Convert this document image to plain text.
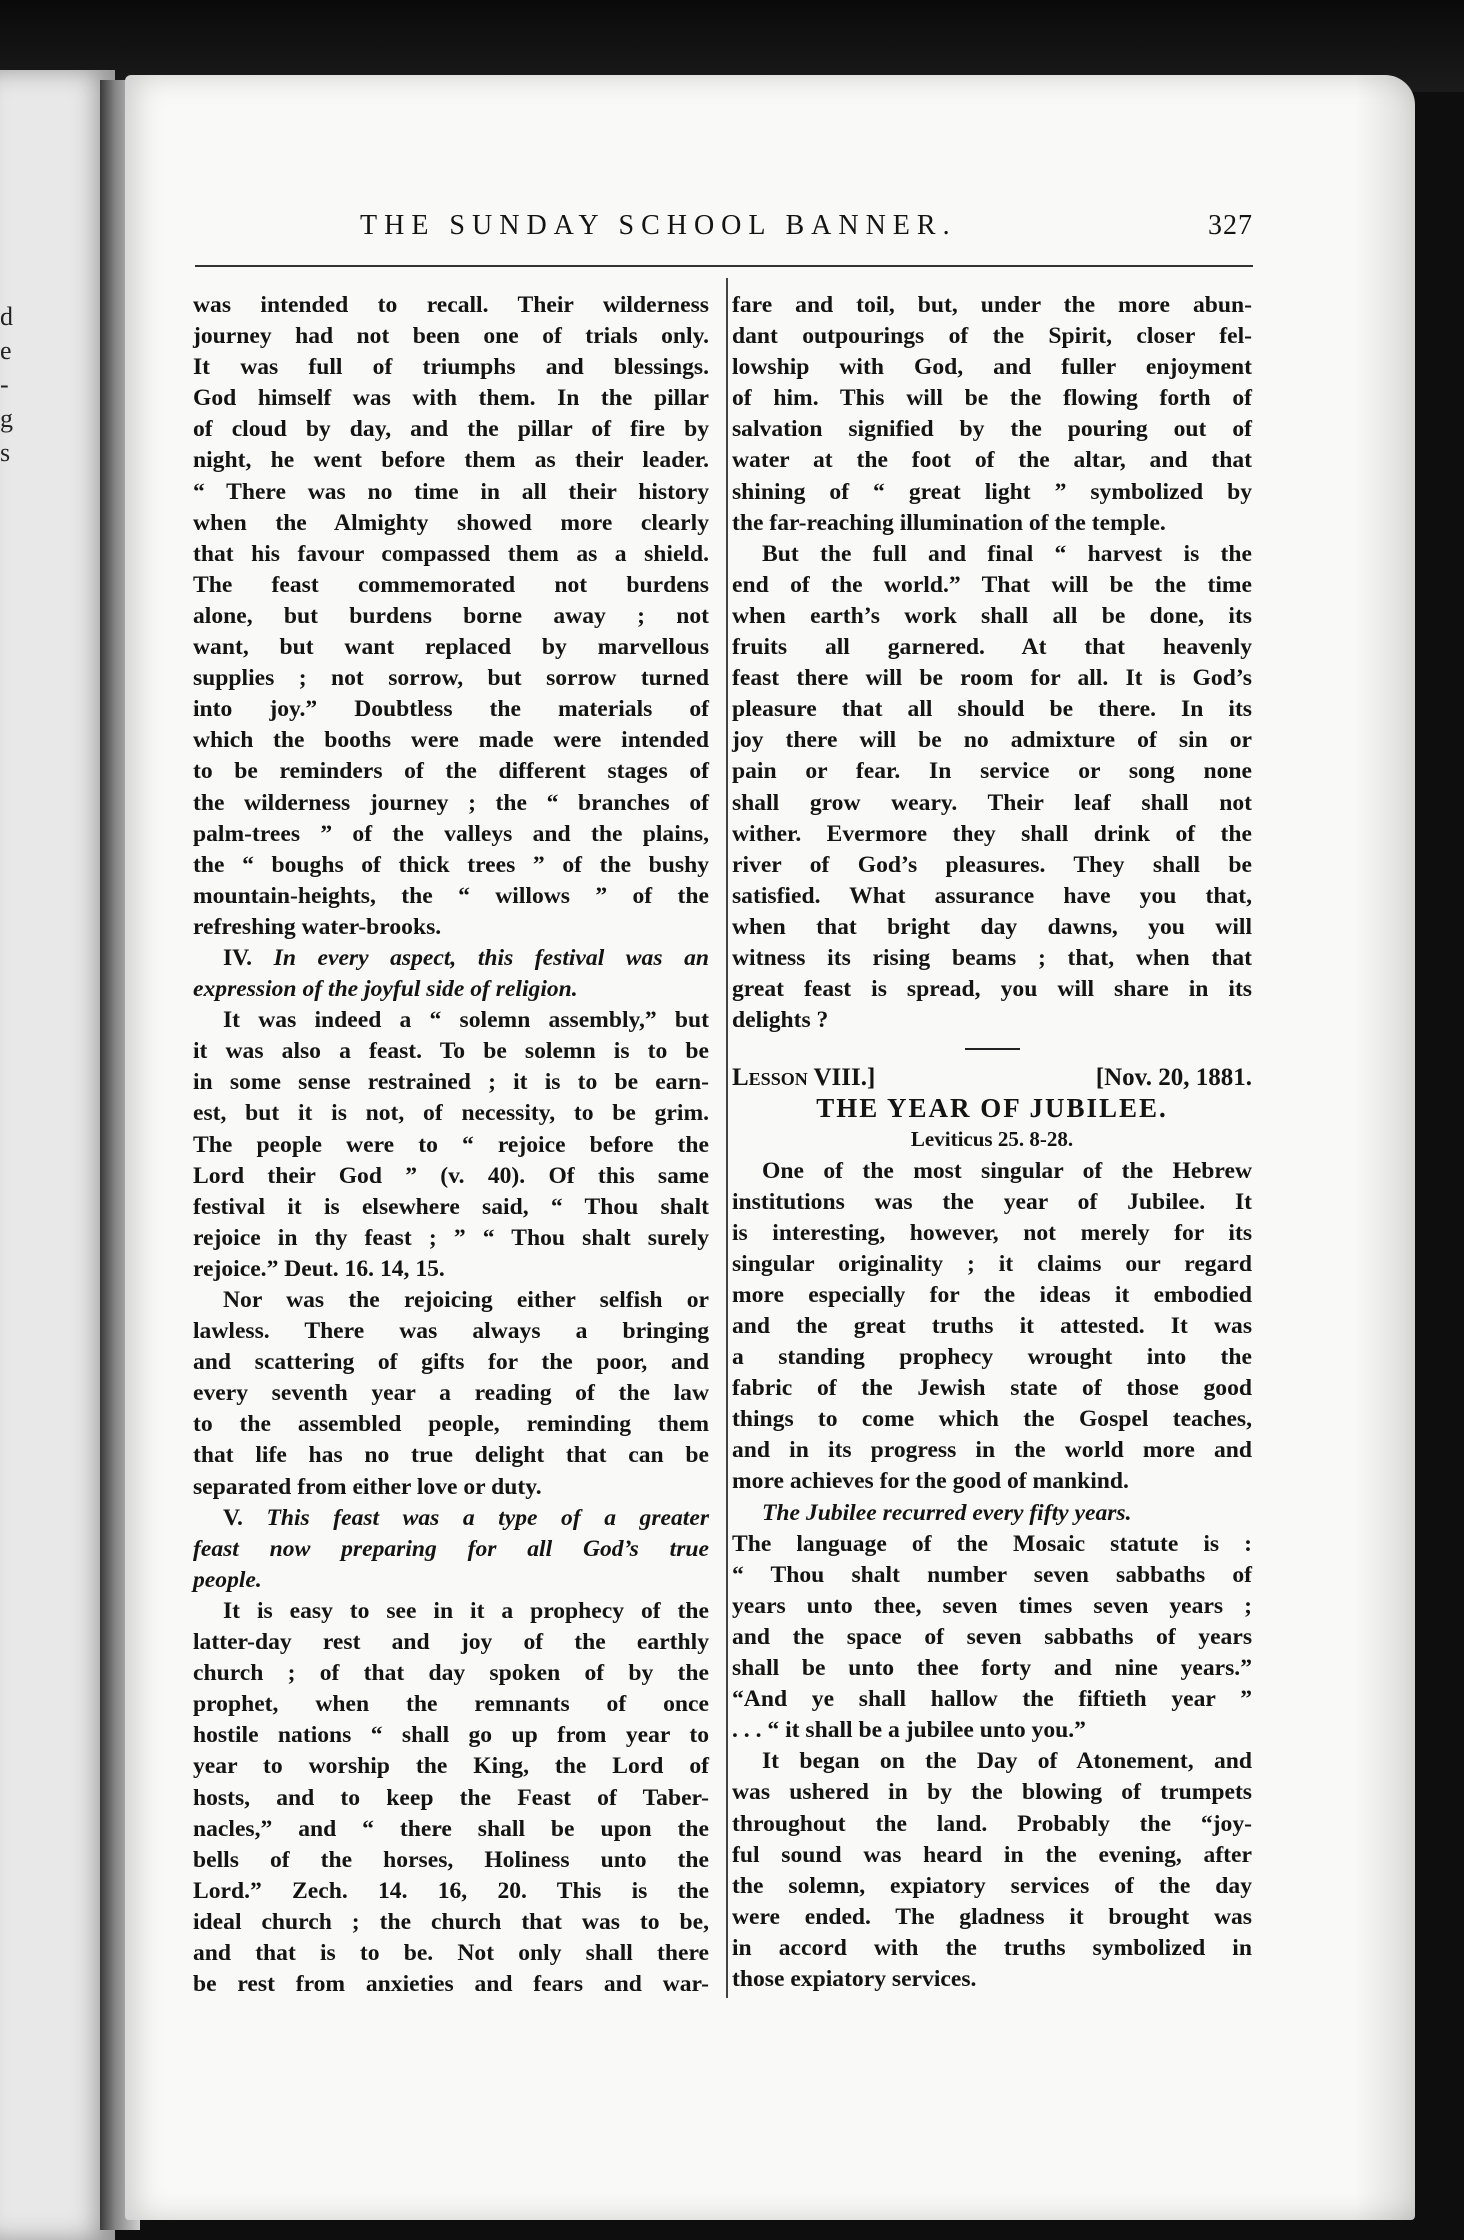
d
e
-
g
s
THE SUNDAY SCHOOL BANNER.	327
was intended to recall. Their wilderness
journey had not been one of trials only.
It was full of triumphs and blessings.
God himself was with them. In the pillar
of cloud by day, and the pillar of fire by
night, he went before them as their leader.
“ There was no time in all their history
when the Almighty showed more clearly
that his favour compassed them as a shield.
The feast commemorated not burdens
alone, but burdens borne away ; not
want, but want replaced by marvellous
supplies ; not sorrow, but sorrow turned
into joy.” Doubtless the materials of
which the booths were made were intended
to be reminders of the different stages of
the wilderness journey ; the “ branches of
palm-trees ” of the valleys and the plains,
the “ boughs of thick trees ” of the bushy
mountain-heights, the “ willows ” of the
refreshing water-brooks.
IV. In every aspect, this festival was an
expression of the joyful side of religion.
It was indeed a “ solemn assembly,” but
it was also a feast. To be solemn is to be
in some sense restrained ; it is to be earn-
est, but it is not, of necessity, to be grim.
The people were to “ rejoice before the
Lord their God ” (v. 40). Of this same
festival it is elsewhere said, “ Thou shalt
rejoice in thy feast ; ” “ Thou shalt surely
rejoice.” Deut. 16. 14, 15.
Nor was the rejoicing either selfish or
lawless. There was always a bringing
and scattering of gifts for the poor, and
every seventh year a reading of the law
to the assembled people, reminding them
that life has no true delight that can be
separated from either love or duty.
V. This feast was a type of a greater
feast now preparing for all God’s true
people.
It is easy to see in it a prophecy of the
latter-day rest and joy of the earthly
church ; of that day spoken of by the
prophet, when the remnants of once
hostile nations “ shall go up from year to
year to worship the King, the Lord of
hosts, and to keep the Feast of Taber-
nacles,” and “ there shall be upon the
bells of the horses, Holiness unto the
Lord.” Zech. 14. 16, 20. This is the
ideal church ; the church that was to be,
and that is to be. Not only shall there
be rest from anxieties and fears and war-
fare and toil, but, under the more abun-
dant outpourings of the Spirit, closer fel-
lowship with God, and fuller enjoyment
of him. This will be the flowing forth of
salvation signified by the pouring out of
water at the foot of the altar, and that
shining of “ great light ” symbolized by
the far-reaching illumination of the temple.
But the full and final “ harvest is the
end of the world.” That will be the time
when earth’s work shall all be done, its
fruits all garnered. At that heavenly
feast there will be room for all. It is God’s
pleasure that all should be there. In its
joy there will be no admixture of sin or
pain or fear. In service or song none
shall grow weary. Their leaf shall not
wither. Evermore they shall drink of the
river of God’s pleasures. They shall be
satisfied. What assurance have you that,
when that bright day dawns, you will
witness its rising beams ; that, when that
great feast is spread, you will share in its
delights ?
Lesson VIII.]	[Nov. 20, 1881.
THE YEAR OF JUBILEE.
Leviticus 25. 8-28.
One of the most singular of the Hebrew
institutions was the year of Jubilee. It
is interesting, however, not merely for its
singular originality ; it claims our regard
more especially for the ideas it embodied
and the great truths it attested. It was
a standing prophecy wrought into the
fabric of the Jewish state of those good
things to come which the Gospel teaches,
and in its progress in the world more and
more achieves for the good of mankind.
The Jubilee recurred every fifty years.
The language of the Mosaic statute is :
“ Thou shalt number seven sabbaths of
years unto thee, seven times seven years ;
and the space of seven sabbaths of years
shall be unto thee forty and nine years.”
“And ye shall hallow the fiftieth year ”
. . . “ it shall be a jubilee unto you.”
It began on the Day of Atonement, and
was ushered in by the blowing of trumpets
throughout the land. Probably the “joy-
ful sound was heard in the evening, after
the solemn, expiatory services of the day
were ended. The gladness it brought was
in accord with the truths symbolized in
those expiatory services.
